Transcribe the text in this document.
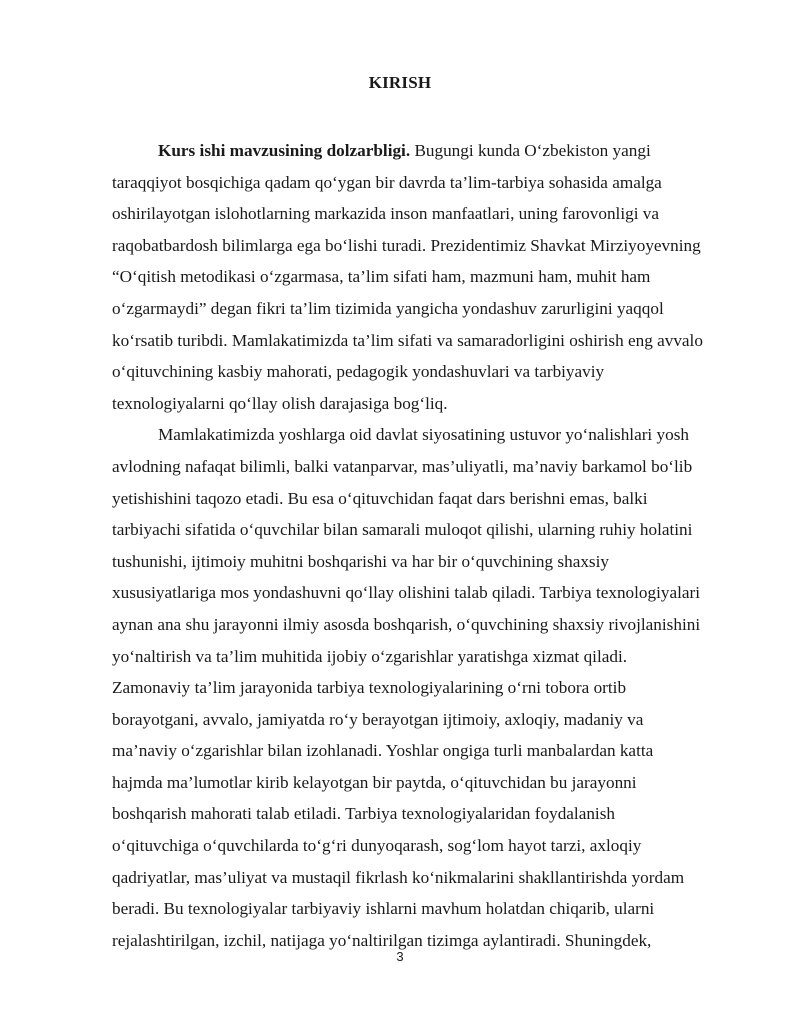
KIRISH
Kurs ishi mavzusining dolzarbligi. Bugungi kunda O‘zbekiston yangi
taraqqiyot bosqichiga qadam qo‘ygan bir davrda ta’lim-tarbiya sohasida amalga
oshirilayotgan islohotlarning markazida inson manfaatlari, uning farovonligi va
raqobatbardosh bilimlarga ega bo‘lishi turadi. Prezidentimiz Shavkat Mirziyoyevning
“O‘qitish metodikasi o‘zgarmasa, ta’lim sifati ham, mazmuni ham, muhit ham
o‘zgarmaydi” degan fikri ta’lim tizimida yangicha yondashuv zarurligini yaqqol
ko‘rsatib turibdi. Mamlakatimizda ta’lim sifati va samaradorligini oshirish eng avvalo
o‘qituvchining kasbiy mahorati, pedagogik yondashuvlari va tarbiyaviy
texnologiyalarni qo‘llay olish darajasiga bog‘liq.
Mamlakatimizda yoshlarga oid davlat siyosatining ustuvor yo‘nalishlari yosh
avlodning nafaqat bilimli, balki vatanparvar, mas’uliyatli, ma’naviy barkamol bo‘lib
yetishishini taqozo etadi. Bu esa o‘qituvchidan faqat dars berishni emas, balki
tarbiyachi sifatida o‘quvchilar bilan samarali muloqot qilishi, ularning ruhiy holatini
tushunishi, ijtimoiy muhitni boshqarishi va har bir o‘quvchining shaxsiy
xususiyatlariga mos yondashuvni qo‘llay olishini talab qiladi. Tarbiya texnologiyalari
aynan ana shu jarayonni ilmiy asosda boshqarish, o‘quvchining shaxsiy rivojlanishini
yo‘naltirish va ta’lim muhitida ijobiy o‘zgarishlar yaratishga xizmat qiladi.
Zamonaviy ta’lim jarayonida tarbiya texnologiyalarining o‘rni tobora ortib
borayotgani, avvalo, jamiyatda ro‘y berayotgan ijtimoiy, axloqiy, madaniy va
ma’naviy o‘zgarishlar bilan izohlanadi. Yoshlar ongiga turli manbalardan katta
hajmda ma’lumotlar kirib kelayotgan bir paytda, o‘qituvchidan bu jarayonni
boshqarish mahorati talab etiladi. Tarbiya texnologiyalaridan foydalanish
o‘qituvchiga o‘quvchilarda to‘g‘ri dunyoqarash, sog‘lom hayot tarzi, axloqiy
qadriyatlar, mas’uliyat va mustaqil fikrlash ko‘nikmalarini shakllantirishda yordam
beradi. Bu texnologiyalar tarbiyaviy ishlarni mavhum holatdan chiqarib, ularni
rejalashtirilgan, izchil, natijaga yo‘naltirilgan tizimga aylantiradi. Shuningdek,
3
